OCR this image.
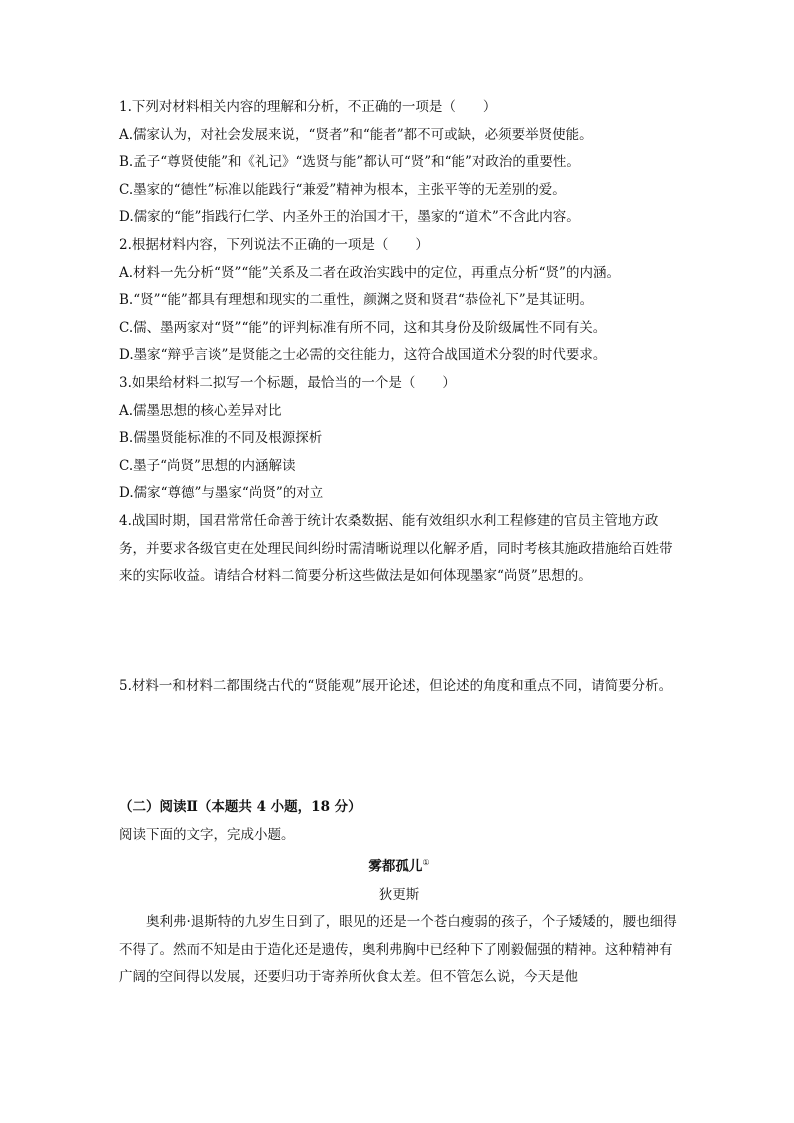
1.下列对材料相关内容的理解和分析，不正确的一项是（　　）
A.儒家认为，对社会发展来说，“贤者”和“能者”都不可或缺，必须要举贤使能。
B.孟子“尊贤使能”和《礼记》“选贤与能”都认可“贤”和“能”对政治的重要性。
C.墨家的“德性”标准以能践行“兼爱”精神为根本，主张平等的无差别的爱。
D.儒家的“能”指践行仁学、内圣外王的治国才干，墨家的“道术”不含此内容。
2.根据材料内容，下列说法不正确的一项是（　　）
A.材料一先分析“贤”“能”关系及二者在政治实践中的定位，再重点分析“贤”的内涵。
B.“贤”“能”都具有理想和现实的二重性，颜渊之贤和贤君“恭俭礼下”是其证明。
C.儒、墨两家对“贤”“能”的评判标准有所不同，这和其身份及阶级属性不同有关。
D.墨家“辩乎言谈”是贤能之士必需的交往能力，这符合战国道术分裂的时代要求。
3.如果给材料二拟写一个标题，最恰当的一个是（　　）
A.儒墨思想的核心差异对比
B.儒墨贤能标准的不同及根源探析
C.墨子“尚贤”思想的内涵解读
D.儒家“尊德”与墨家“尚贤”的对立
4.战国时期，国君常常任命善于统计农桑数据、能有效组织水利工程修建的官员主管地方政务，并要求各级官吏在处理民间纠纷时需清晰说理以化解矛盾，同时考核其施政措施给百姓带来的实际收益。请结合材料二简要分析这些做法是如何体现墨家“尚贤”思想的。
5.材料一和材料二都围绕古代的“贤能观”展开论述，但论述的角度和重点不同，请简要分析。
（二）阅读Ⅱ（本题共 4 小题，18 分）
阅读下面的文字，完成小题。
雾都孤儿①
狄更斯
奥利弗·退斯特的九岁生日到了，眼见的还是一个苍白瘦弱的孩子，个子矮矮的，腰也细得不得了。然而不知是由于造化还是遗传，奥利弗胸中已经种下了刚毅倔强的精神。这种精神有广阔的空间得以发展，还要归功于寄养所伙食太差。但不管怎么说，今天是他
